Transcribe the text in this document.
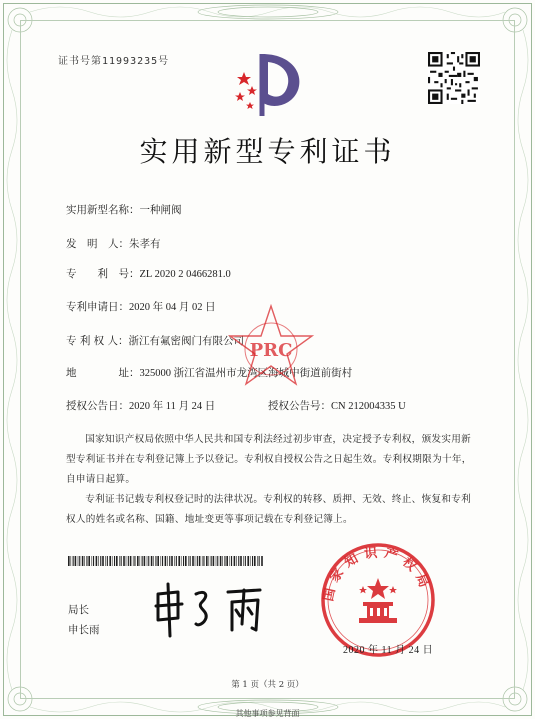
证书号第11993235号
实用新型专利证书
实用新型名称：一种闸阀
发　明　人：朱孝有
专　　利　号：ZL 2020 2 0466281.0
专利申请日：2020 年 04 月 02 日
专 利 权 人：浙江有氟密阀门有限公司
地　　　　址：325000 浙江省温州市龙湾区海城中街道前街村
授权公告日：2020 年 11 月 24 日	授权公告号：CN 212004335 U
PRC
国家知识产权局依照中华人民共和国专利法经过初步审查，决定授予专利权，颁发实用新型专利证书并在专利登记簿上予以登记。专利权自授权公告之日起生效。专利权期限为十年，自申请日起算。
专利证书记载专利权登记时的法律状况。专利权的转移、质押、无效、终止、恢复和专利权人的姓名或名称、国籍、地址变更等事项记载在专利登记簿上。
局长
申长雨
国家知识产权局
2020 年 11 月 24 日
第 1 页（共 2 页）
其他事项参见背面
